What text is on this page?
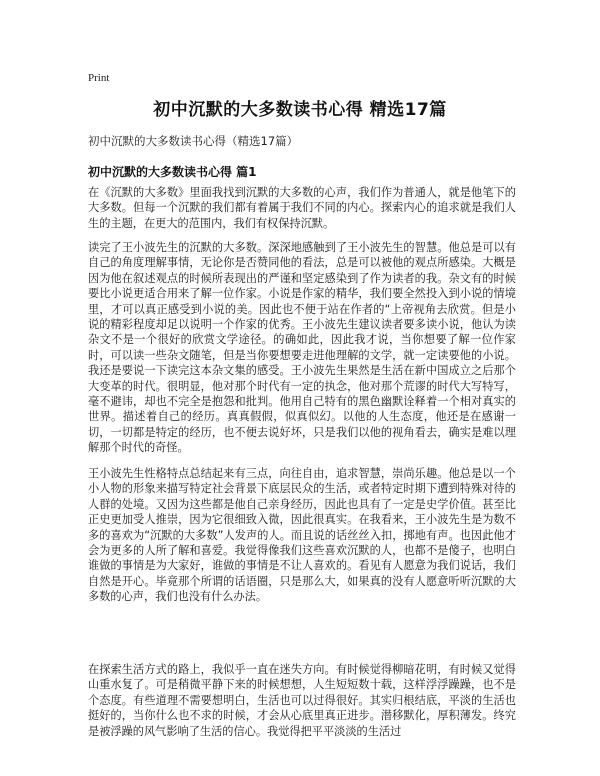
Print
初中沉默的大多数读书心得 精选17篇
初中沉默的大多数读书心得（精选17篇）
初中沉默的大多数读书心得 篇1

在《沉默的大多数》里面我找到沉默的大多数的心声，我们作为普通人，就是他笔下的大多数。但每一个沉默的我们都有着属于我们不同的内心。探索内心的追求就是我们人生的主题，在更大的范围内，我们有权保持沉默。

读完了王小波先生的沉默的大多数。深深地感触到了王小波先生的智慧。他总是可以有自己的角度理解事情，无论你是否赞同他的看法，总是可以被他的观点所感染。大概是因为他在叙述观点的时候所表现出的严谨和坚定感染到了作为读者的我。杂文有的时候要比小说更适合用来了解一位作家。小说是作家的精华，我们要全然投入到小说的情境里，才可以真正感受到小说的美。因此也不便于站在作者的“上帝视角去欣赏。但是小说的精彩程度却足以说明一个作家的优秀。王小波先生建议读者要多读小说，他认为读杂文不是一个很好的欣赏文学途径。的确如此，因此我才说，当你想要了解一位作家时，可以读一些杂文随笔，但是当你要想要走进他理解的文学，就一定读要他的小说。我还是要说一下读完这本杂文集的感受。王小波先生果然是生活在新中国成立之后那个大变革的时代。很明显，他对那个时代有一定的执念，他对那个荒谬的时代大写特写，毫不避讳，却也不完全是抱怨和批判。他用自己特有的黑色幽默诠释着一个相对真实的世界。描述着自己的经历。真真假假，似真似幻。以他的人生态度，他还是在感谢一切，一切都是特定的经历，也不便去说好坏，只是我们以他的视角看去，确实是难以理解那个时代的奇怪。

王小波先生性格特点总结起来有三点，向往自由，追求智慧，崇尚乐趣。他总是以一个小人物的形象来描写特定社会背景下底层民众的生活，或者特定时期下遭到特殊对待的人群的处境。又因为这些都是他自己亲身经历，因此也具有了一定是史学价值。甚至比正史更加受人推崇，因为它很细致入微，因此很真实。在我看来，王小波先生是为数不多的喜欢为“沉默的大多数”人发声的人。而且说的话丝丝入扣，掷地有声。也因此他才会为更多的人所了解和喜爱。我觉得像我们这些喜欢沉默的人，也都不是傻子，也明白谁做的事情是为大家好，谁做的事情是不让人喜欢的。看见有人愿意为我们说话，我们自然是开心。毕竟那个所谓的话语圈，只是那么大，如果真的没有人愿意听听沉默的大多数的心声，我们也没有什么办法。

在探索生活方式的路上，我似乎一直在迷失方向。有时候觉得柳暗花明，有时候又觉得山重水复了。可是稍微平静下来的时候想想，人生短短数十载，这样浮浮躁躁，也不是个态度。有些道理不需要想明白，生活也可以过得很好。其实归根结底，平淡的生活也挺好的，当你什么也不求的时候，才会从心底里真正进步。潜移默化，厚积薄发。终究是被浮躁的风气影响了生活的信心。我觉得把平平淡淡的生活过
